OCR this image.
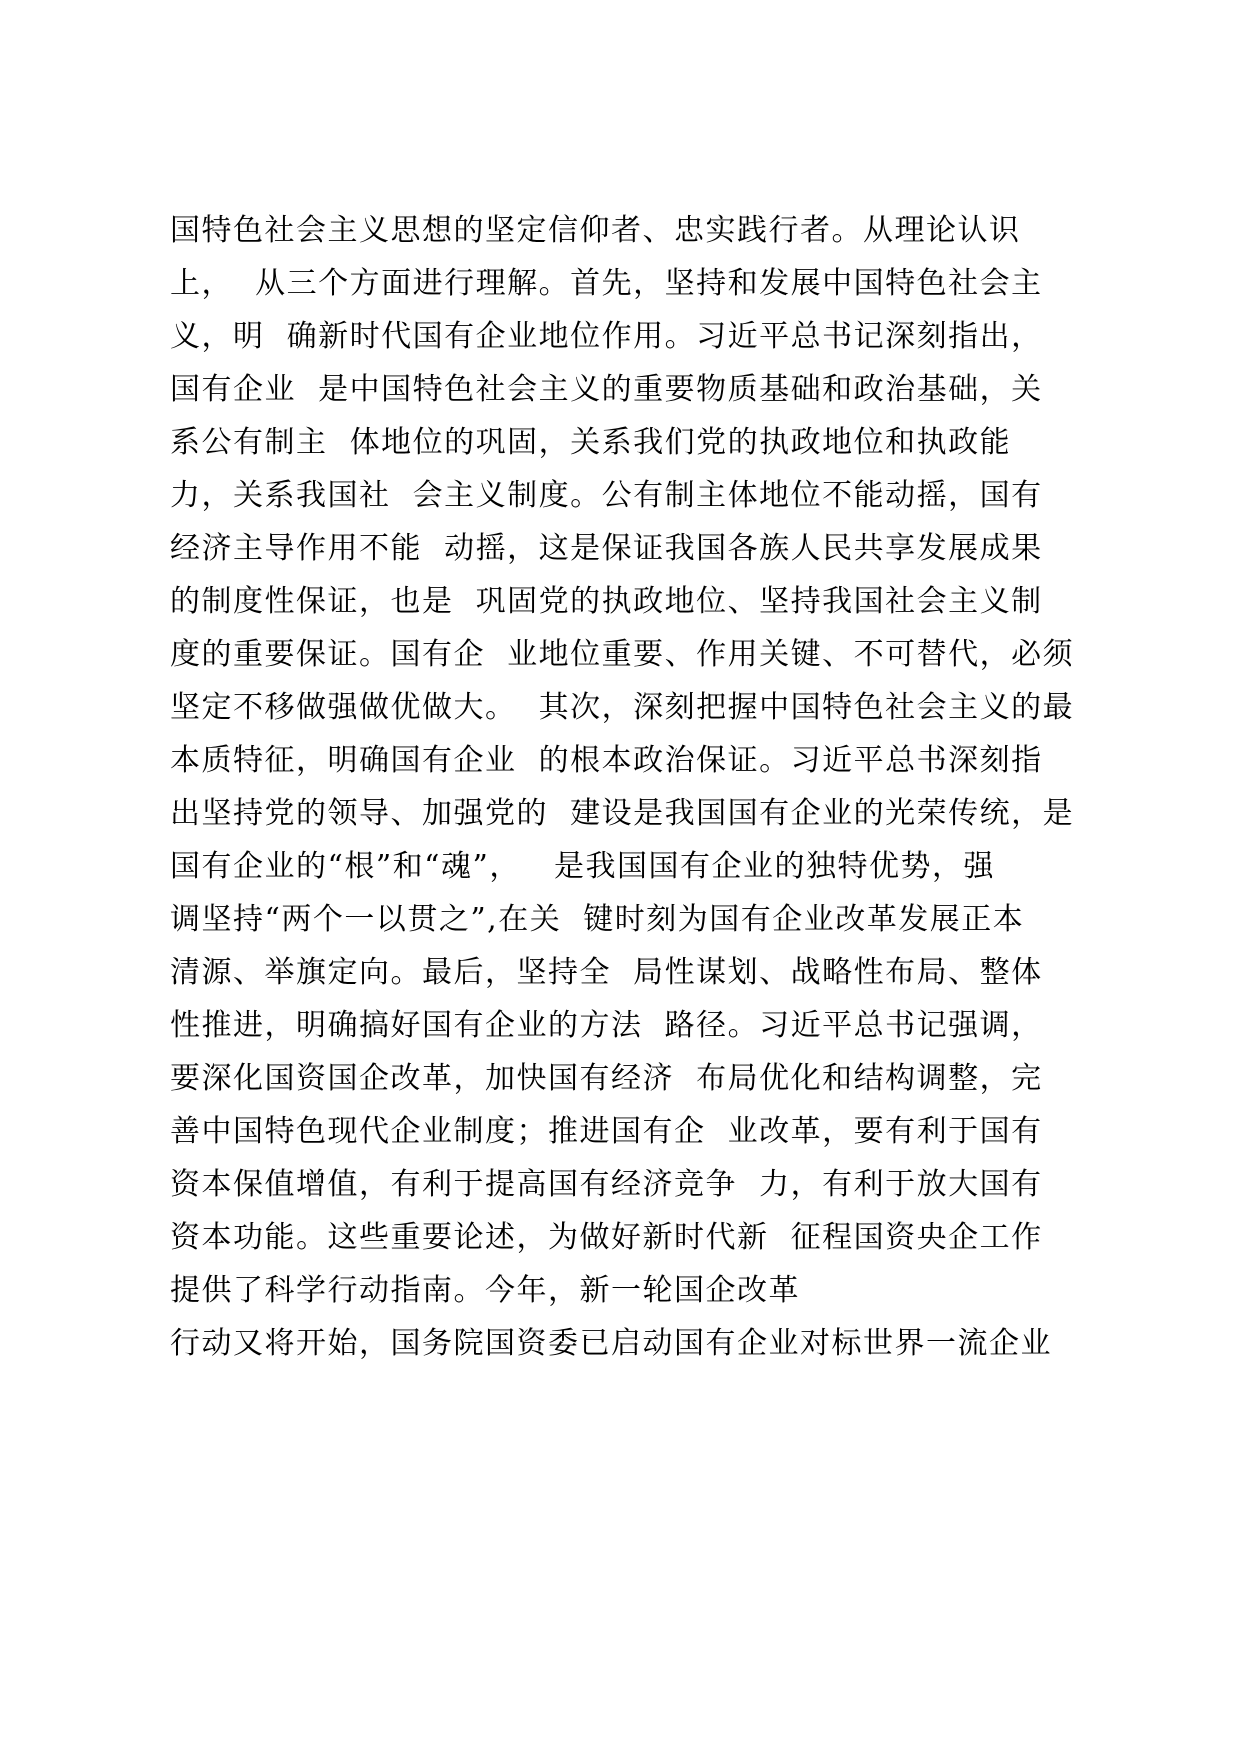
国特色社会主义思想的坚定信仰者、忠实践行者。从理论认识
上，  从三个方面进行理解。首先，坚持和发展中国特色社会主
义，明  确新时代国有企业地位作用。习近平总书记深刻指出，
国有企业  是中国特色社会主义的重要物质基础和政治基础，关
系公有制主  体地位的巩固，关系我们党的执政地位和执政能
力，关系我国社  会主义制度。公有制主体地位不能动摇，国有
经济主导作用不能  动摇，这是保证我国各族人民共享发展成果
的制度性保证，也是  巩固党的执政地位、坚持我国社会主义制
度的重要保证。国有企  业地位重要、作用关键、不可替代，必须
坚定不移做强做优做大。  其次，深刻把握中国特色社会主义的最
本质特征，明确国有企业  的根本政治保证。习近平总书深刻指
出坚持党的领导、加强党的  建设是我国国有企业的光荣传统，是
国有企业的“根”和“魂”，   是我国国有企业的独特优势，强
调坚持“两个一以贯之”,在关  键时刻为国有企业改革发展正本
清源、举旗定向。最后，坚持全  局性谋划、战略性布局、整体
性推进，明确搞好国有企业的方法  路径。习近平总书记强调，
要深化国资国企改革，加快国有经济  布局优化和结构调整，完
善中国特色现代企业制度；推进国有企  业改革，要有利于国有
资本保值增值，有利于提高国有经济竞争  力，有利于放大国有
资本功能。这些重要论述，为做好新时代新  征程国资央企工作
提供了科学行动指南。今年，新一轮国企改革
行动又将开始，国务院国资委已启动国有企业对标世界一流企业
